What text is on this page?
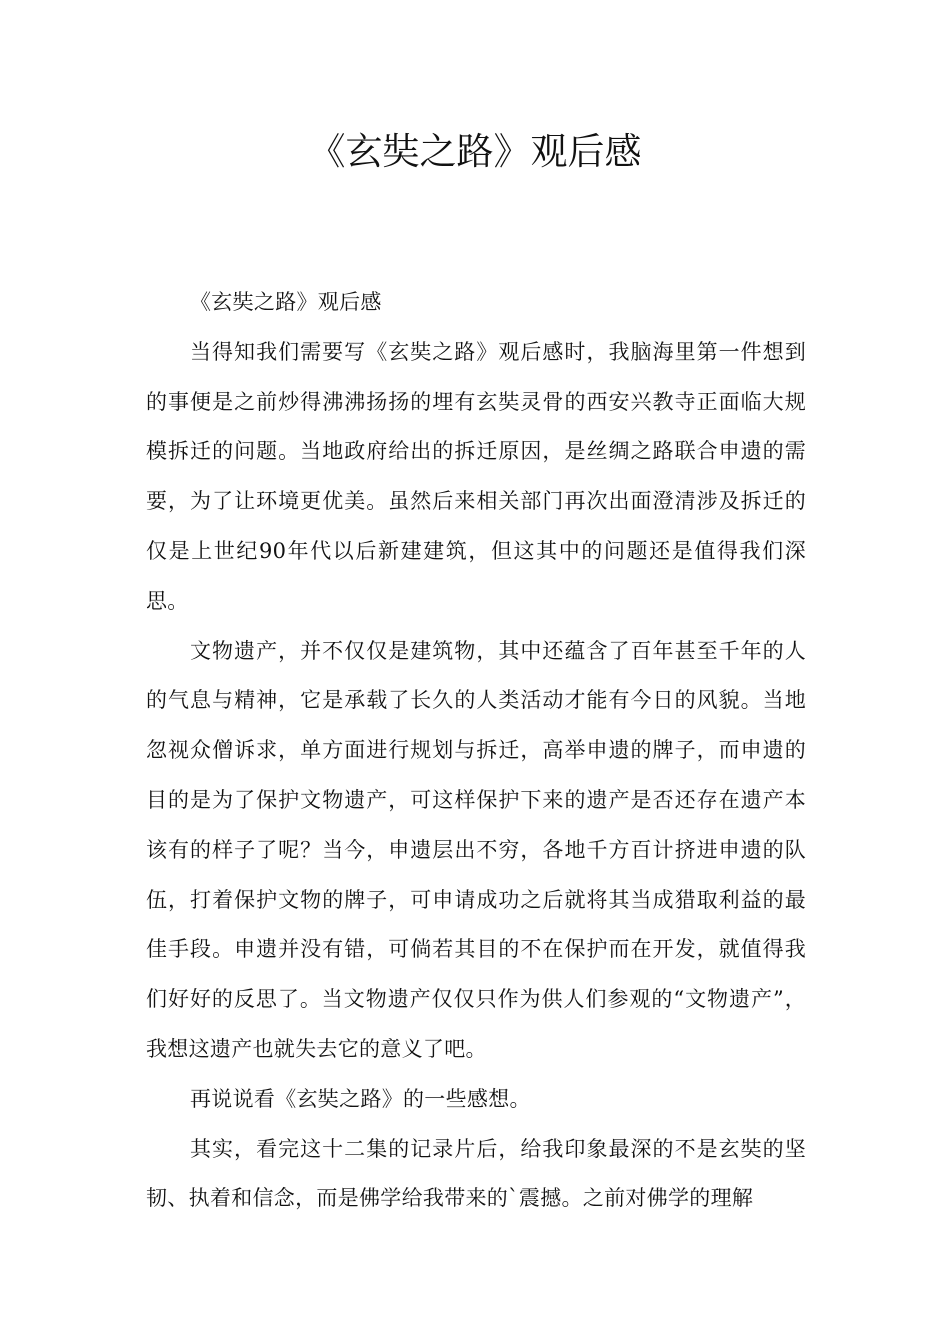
《玄奘之路》观后感

《玄奘之路》观后感

当得知我们需要写《玄奘之路》观后感时，我脑海里第一件想到的事便是之前炒得沸沸扬扬的埋有玄奘灵骨的西安兴教寺正面临大规模拆迁的问题。当地政府给出的拆迁原因，是丝绸之路联合申遗的需要，为了让环境更优美。虽然后来相关部门再次出面澄清涉及拆迁的仅是上世纪90年代以后新建建筑，但这其中的问题还是值得我们深思。

文物遗产，并不仅仅是建筑物，其中还蕴含了百年甚至千年的人的气息与精神，它是承载了长久的人类活动才能有今日的风貌。当地忽视众僧诉求，单方面进行规划与拆迁，高举申遗的牌子，而申遗的目的是为了保护文物遗产，可这样保护下来的遗产是否还存在遗产本该有的样子了呢？当今，申遗层出不穷，各地千方百计挤进申遗的队伍，打着保护文物的牌子，可申请成功之后就将其当成猎取利益的最佳手段。申遗并没有错，可倘若其目的不在保护而在开发，就值得我们好好的反思了。当文物遗产仅仅只作为供人们参观的“文物遗产”，我想这遗产也就失去它的意义了吧。

再说说看《玄奘之路》的一些感想。

其实，看完这十二集的记录片后，给我印象最深的不是玄奘的坚韧、执着和信念，而是佛学给我带来的`震撼。之前对佛学的理解
